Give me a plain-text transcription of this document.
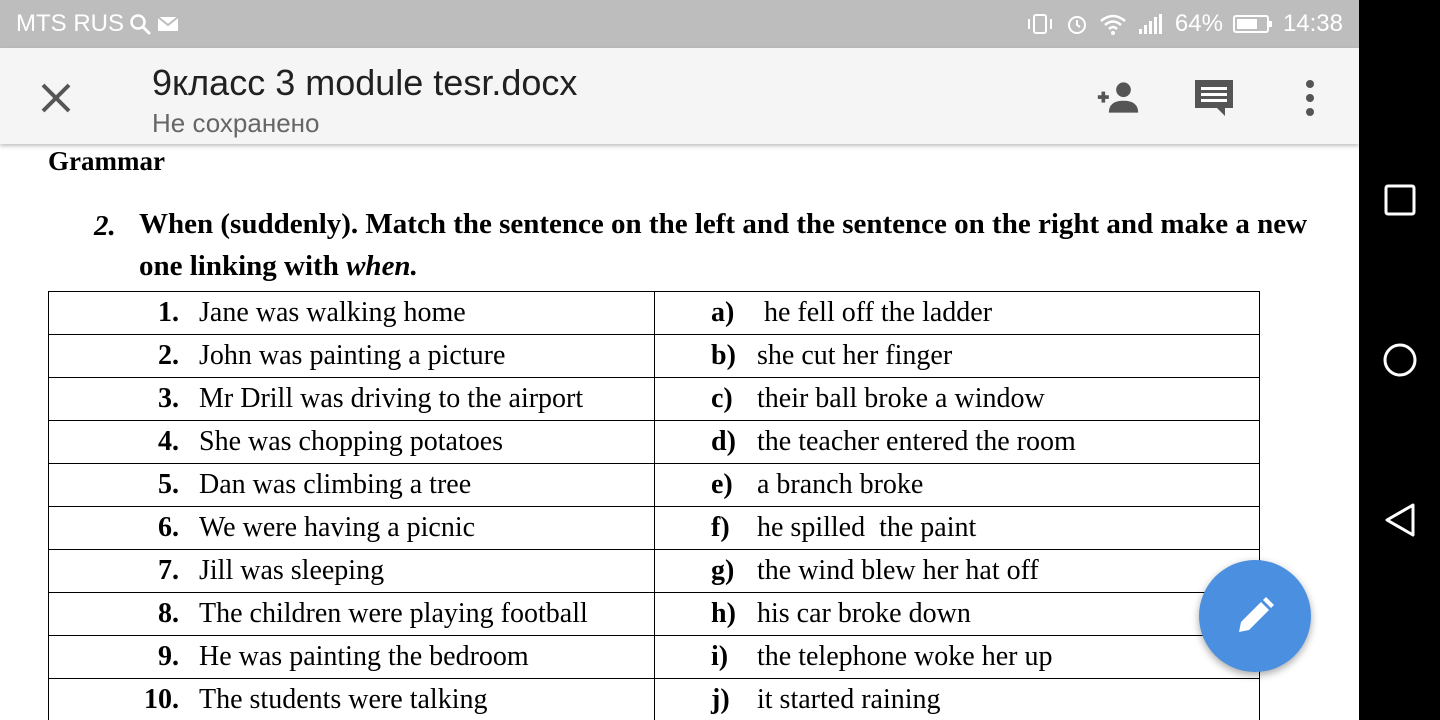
MTS RUS	64%	14:38
9класс 3 module tesr.docx
Не сохранено
Grammar
2. When (suddenly). Match the sentence on the left and the sentence on the right and make a new
one linking with when.
1. Jane was walking home	a) he fell off the ladder
2. John was painting a picture	b) she cut her finger
3. Mr Drill was driving to the airport	c) their ball broke a window
4. She was chopping potatoes	d) the teacher entered the room
5. Dan was climbing a tree	e) a branch broke
6. We were having a picnic	f) he spilled  the paint
7. Jill was sleeping	g) the wind blew her hat off
8. The children were playing football	h) his car broke down
9. He was painting the bedroom	i) the telephone woke her up
10. The students were talking	j) it started raining
